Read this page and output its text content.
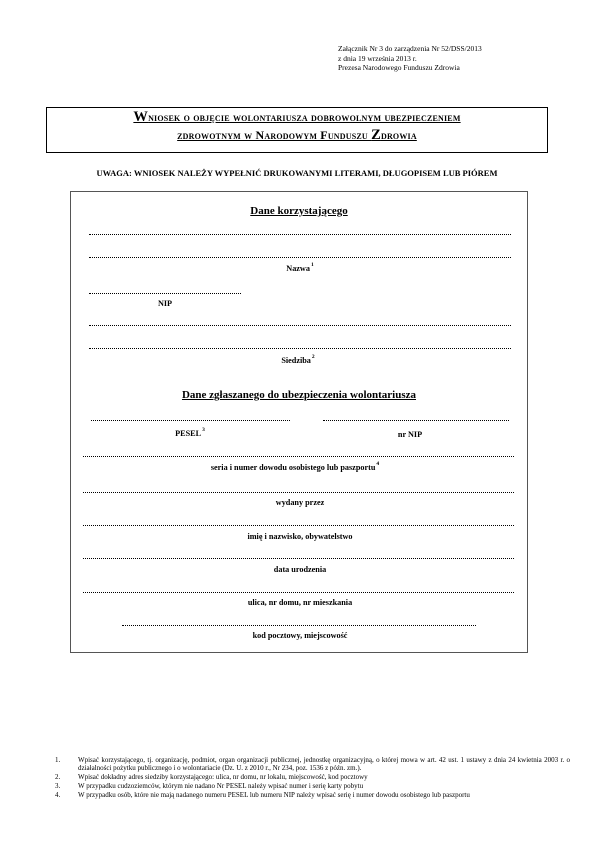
Załącznik Nr 3 do zarządzenia Nr 52/DSS/2013
z dnia 19 września 2013 r.
Prezesa Narodowego Funduszu Zdrowia
Wniosek o objęcie wolontariusza dobrowolnym ubezpieczeniem
zdrowotnym w Narodowym Funduszu Zdrowia
UWAGA: WNIOSEK NALEŻY WYPEŁNIĆ DRUKOWANYMI LITERAMI, DŁUGOPISEM LUB PIÓREM
Dane korzystającego
Nazwa$^1$
NIP
Siedziba$^2$
Dane zgłaszanego do ubezpieczenia wolontariusza
PESEL$^3$	nr NIP
seria i numer dowodu osobistego lub paszportu$^4$
wydany przez
imię i nazwisko, obywatelstwo
data urodzenia
ulica, nr domu, nr mieszkania
kod pocztowy, miejscowość
1.	Wpisać korzystającego, tj. organizację, podmiot, organ organizacji publicznej, jednostkę organizacyjną, o której mowa w art. 42 ust. 1 ustawy z dnia 24 kwietnia 2003 r. o działalności pożytku publicznego i o wolontariacie (Dz. U. z 2010 r., Nr 234, poz. 1536 z późn. zm.).
2.	Wpisać dokładny adres siedziby korzystającego: ulica, nr domu, nr lokalu, miejscowość, kod pocztowy
3.	W przypadku cudzoziemców, którym nie nadano Nr PESEL należy wpisać numer i serię karty pobytu
4.	W przypadku osób, które nie mają nadanego numeru PESEL lub numeru NIP należy wpisać serię i numer dowodu osobistego lub paszportu
